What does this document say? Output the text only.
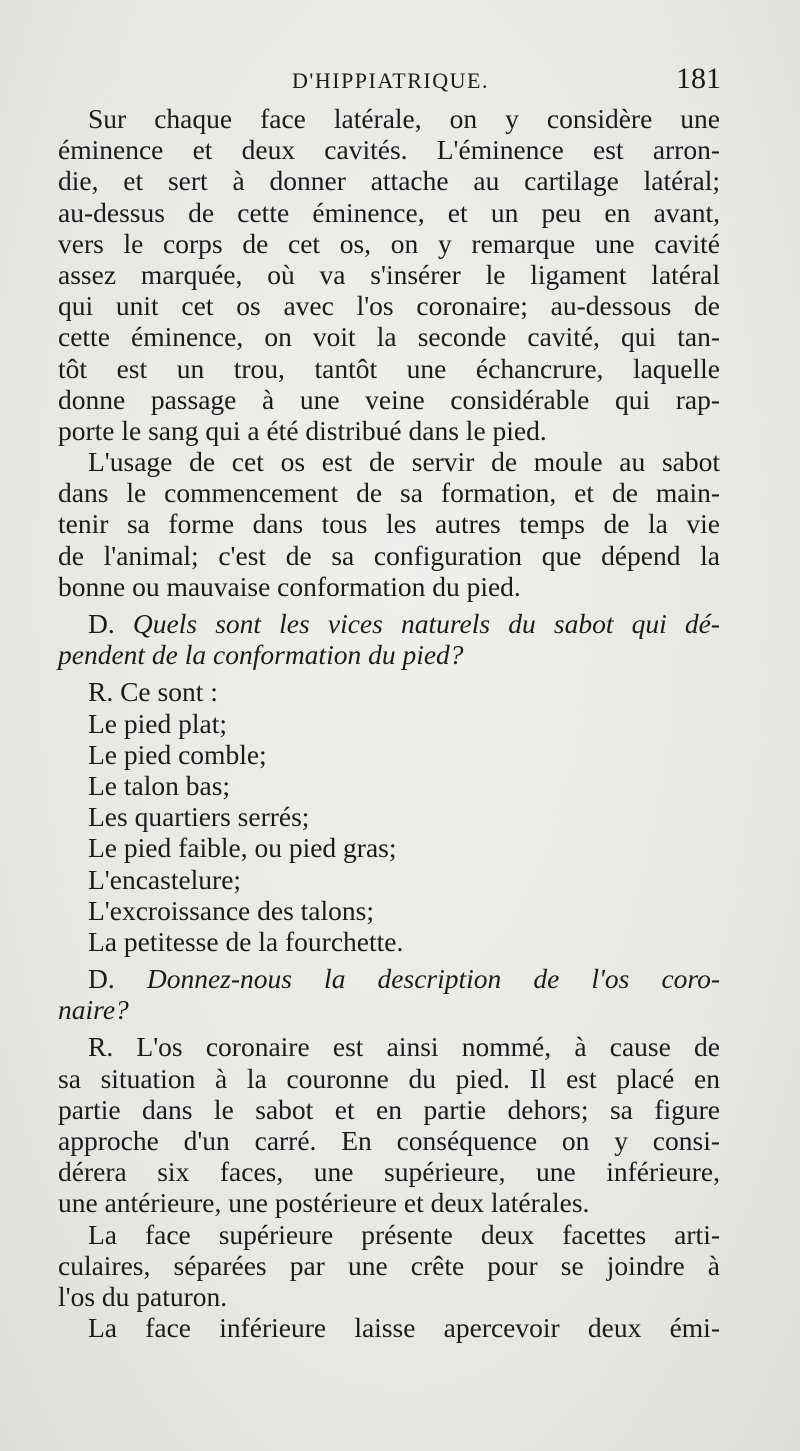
D'HIPPIATRIQUE.	181
Sur chaque face latérale, on y considère une
éminence et deux cavités. L'éminence est arron-
die, et sert à donner attache au cartilage latéral;
au-dessus de cette éminence, et un peu en avant,
vers le corps de cet os, on y remarque une cavité
assez marquée, où va s'insérer le ligament latéral
qui unit cet os avec l'os coronaire; au-dessous de
cette éminence, on voit la seconde cavité, qui tan-
tôt est un trou, tantôt une échancrure, laquelle
donne passage à une veine considérable qui rap-
porte le sang qui a été distribué dans le pied.
L'usage de cet os est de servir de moule au sabot
dans le commencement de sa formation, et de main-
tenir sa forme dans tous les autres temps de la vie
de l'animal; c'est de sa configuration que dépend la
bonne ou mauvaise conformation du pied.
D. Quels sont les vices naturels du sabot qui dé-
pendent de la conformation du pied?
R. Ce sont :
Le pied plat;
Le pied comble;
Le talon bas;
Les quartiers serrés;
Le pied faible, ou pied gras;
L'encastelure;
L'excroissance des talons;
La petitesse de la fourchette.
D. Donnez-nous la description de l'os coro-
naire?
R. L'os coronaire est ainsi nommé, à cause de
sa situation à la couronne du pied. Il est placé en
partie dans le sabot et en partie dehors; sa figure
approche d'un carré. En conséquence on y consi-
dérera six faces, une supérieure, une inférieure,
une antérieure, une postérieure et deux latérales.
La face supérieure présente deux facettes arti-
culaires, séparées par une crête pour se joindre à
l'os du paturon.
La face inférieure laisse apercevoir deux émi-
